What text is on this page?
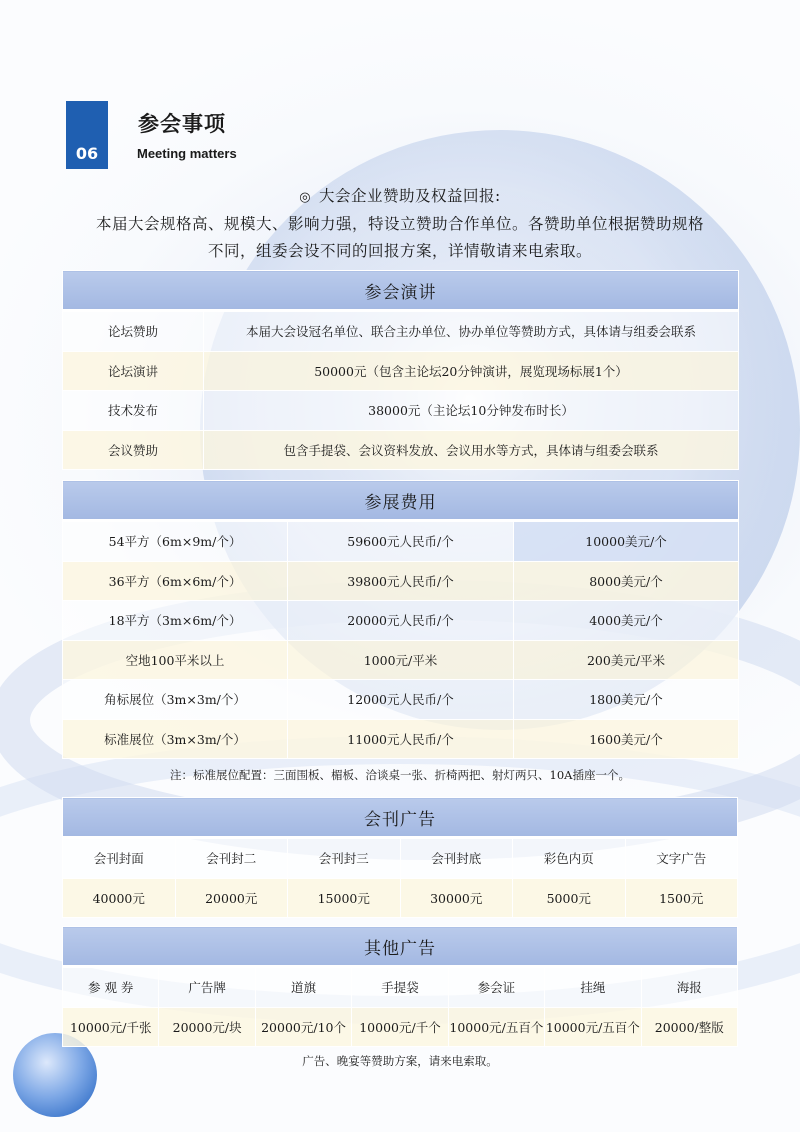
06
参会事项
Meeting matters
◎ 大会企业赞助及权益回报:
本届大会规格高、规模大、影响力强，特设立赞助合作单位。各赞助单位根据赞助规格
不同，组委会设不同的回报方案，详情敬请来电索取。
参会演讲	
论坛赞助	本届大会设冠名单位、联合主办单位、协办单位等赞助方式，具体请与组委会联系
论坛演讲	50000元（包含主论坛20分钟演讲，展览现场标展1个）
技术发布	38000元（主论坛10分钟发布时长）
会议赞助	包含手提袋、会议资料发放、会议用水等方式，具体请与组委会联系
参展费用		
54平方（6m×9m/个）	59600元人民币/个	10000美元/个
36平方（6m×6m/个）	39800元人民币/个	8000美元/个
18平方（3m×6m/个）	20000元人民币/个	4000美元/个
空地100平米以上	1000元/平米	200美元/平米
角标展位（3m×3m/个）	12000元人民币/个	1800美元/个
标准展位（3m×3m/个）	11000元人民币/个	1600美元/个
注：标准展位配置：三面围板、楣板、洽谈桌一张、折椅两把、射灯两只、10A插座一个。
会刊广告					
会刊封面	会刊封二	会刊封三	会刊封底	彩色内页	文字广告
40000元	20000元	15000元	30000元	5000元	1500元
其他广告						
参 观 券	广告牌	道旗	手提袋	参会证	挂绳	海报
10000元/千张	20000元/块	20000元/10个	10000元/千个	10000元/五百个	10000元/五百个	20000/整版
广告、晚宴等赞助方案，请来电索取。
